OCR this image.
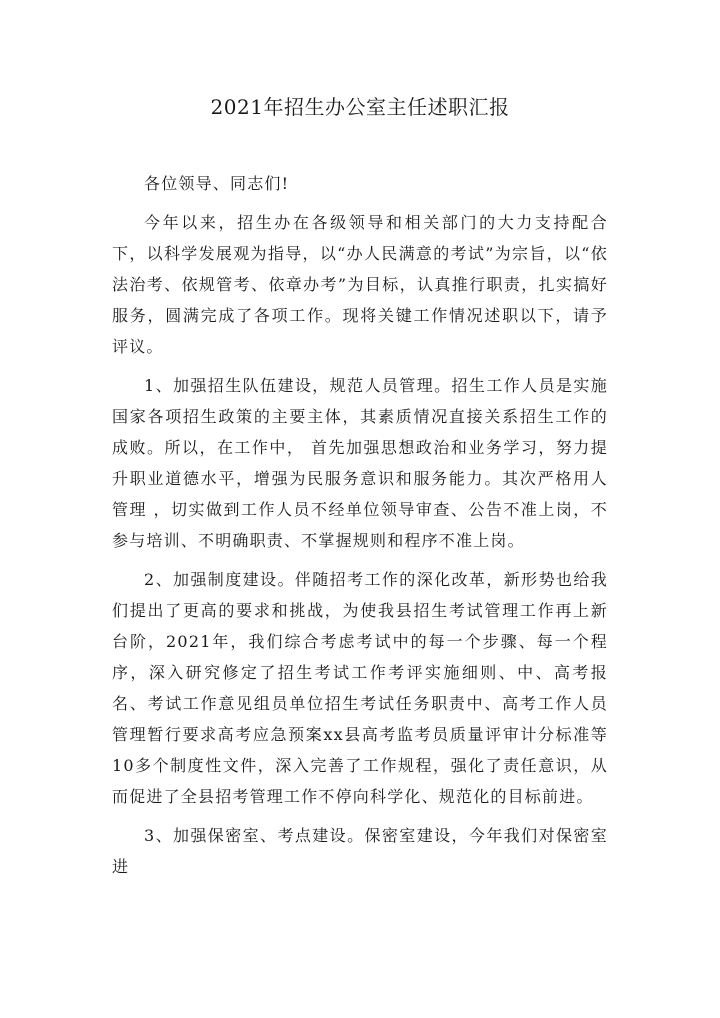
2021年招生办公室主任述职汇报

各位领导、同志们!

今年以来，招生办在各级领导和相关部门的大力支持配合下，以科学发展观为指导，以“办人民满意的考试”为宗旨，以“依法治考、依规管考、依章办考”为目标，认真推行职责，扎实搞好服务，圆满完成了各项工作。现将关键工作情况述职以下，请予评议。

1、加强招生队伍建设，规范人员管理。招生工作人员是实施国家各项招生政策的主要主体，其素质情况直接关系招生工作的成败。所以，在工作中， 首先加强思想政治和业务学习，努力提升职业道德水平，增强为民服务意识和服务能力。其次严格用人管理 ，切实做到工作人员不经单位领导审查、公告不准上岗，不参与培训、不明确职责、不掌握规则和程序不准上岗。

2、加强制度建设。伴随招考工作的深化改革，新形势也给我们提出了更高的要求和挑战，为使我县招生考试管理工作再上新台阶，2021年，我们综合考虑考试中的每一个步骤、每一个程序，深入研究修定了招生考试工作考评实施细则、中、高考报名、考试工作意见组员单位招生考试任务职责中、高考工作人员管理暂行要求高考应急预案xx县高考监考员质量评审计分标准等10多个制度性文件，深入完善了工作规程，强化了责任意识，从而促进了全县招考管理工作不停向科学化、规范化的目标前进。

3、加强保密室、考点建设。保密室建设，今年我们对保密室进
